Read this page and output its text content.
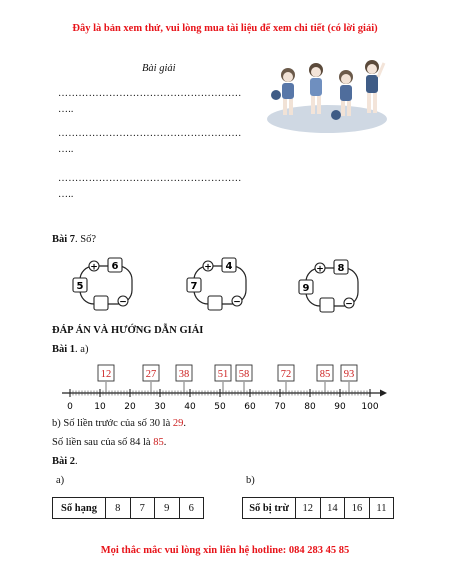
Đây là bản xem thử, vui lòng mua tài liệu để xem chi tiết (có lời giải)
Bài giải
……………………………………………… …..
……………………………………………… …..
……………………………………………… …..
Bài 7. Số?
+ 6
5
−
+ 4
7
−
+ 8
9
−
ĐÁP ÁN VÀ HƯỚNG DẪN GIẢI
Bài 1. a)
0 10 20 30 40 50 60 70 80 90 100
12	27 38	51 58	72	85 93
b) Số liền trước của số 30 là 29.
Số liền sau của số 84 là 85.
Bài 2.
a)	b)
Số hạng	8	7	9	6	Số bị trừ	12	14	16	11
Mọi thắc mắc vui lòng xin liên hệ hotline: 084 283 45 85
